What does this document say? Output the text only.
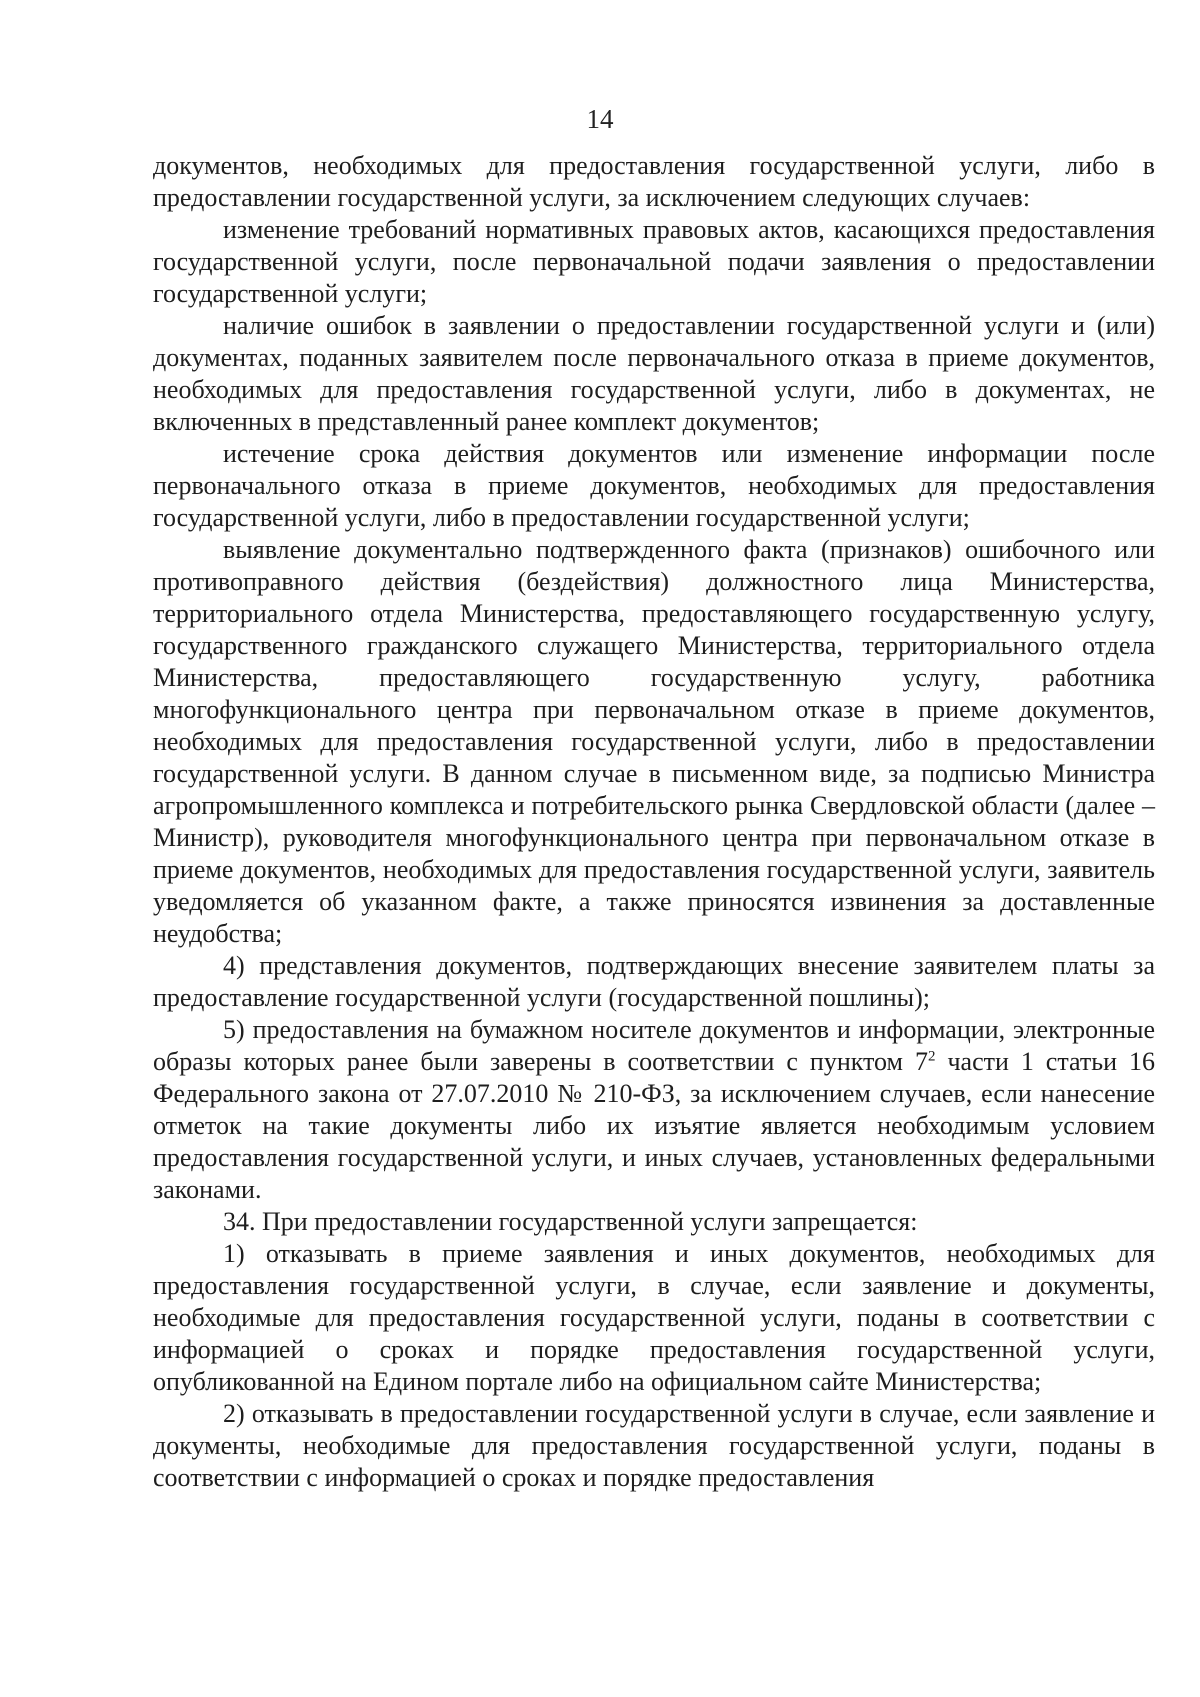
14

документов, необходимых для предоставления государственной услуги, либо в предоставлении государственной услуги, за исключением следующих случаев:

изменение требований нормативных правовых актов, касающихся предоставления государственной услуги, после первоначальной подачи заявления о предоставлении государственной услуги;

наличие ошибок в заявлении о предоставлении государственной услуги и (или) документах, поданных заявителем после первоначального отказа в приеме документов, необходимых для предоставления государственной услуги, либо в документах, не включенных в представленный ранее комплект документов;

истечение срока действия документов или изменение информации после первоначального отказа в приеме документов, необходимых для предоставления государственной услуги, либо в предоставлении государственной услуги;

выявление документально подтвержденного факта (признаков) ошибочного или противоправного действия (бездействия) должностного лица Министерства, территориального отдела Министерства, предоставляющего государственную услугу, государственного гражданского служащего Министерства, территориального отдела Министерства, предоставляющего государственную услугу, работника многофункционального центра при первоначальном отказе в приеме документов, необходимых для предоставления государственной услуги, либо в предоставлении государственной услуги. В данном случае в письменном виде, за подписью Министра агропромышленного комплекса и потребительского рынка Свердловской области (далее – Министр), руководителя многофункционального центра при первоначальном отказе в приеме документов, необходимых для предоставления государственной услуги, заявитель уведомляется об указанном факте, а также приносятся извинения за доставленные неудобства;

4) представления документов, подтверждающих внесение заявителем платы за предоставление государственной услуги (государственной пошлины);

5) предоставления на бумажном носителе документов и информации, электронные образы которых ранее были заверены в соответствии с пунктом $7^2$ части 1 статьи 16 Федерального закона от 27.07.2010 № 210-ФЗ, за исключением случаев, если нанесение отметок на такие документы либо их изъятие является необходимым условием предоставления государственной услуги, и иных случаев, установленных федеральными законами.

34. При предоставлении государственной услуги запрещается:

1) отказывать в приеме заявления и иных документов, необходимых для предоставления государственной услуги, в случае, если заявление и документы, необходимые для предоставления государственной услуги, поданы в соответствии с информацией о сроках и порядке предоставления государственной услуги, опубликованной на Едином портале либо на официальном сайте Министерства;

2) отказывать в предоставлении государственной услуги в случае, если заявление и документы, необходимые для предоставления государственной услуги, поданы в соответствии с информацией о сроках и порядке предоставления
